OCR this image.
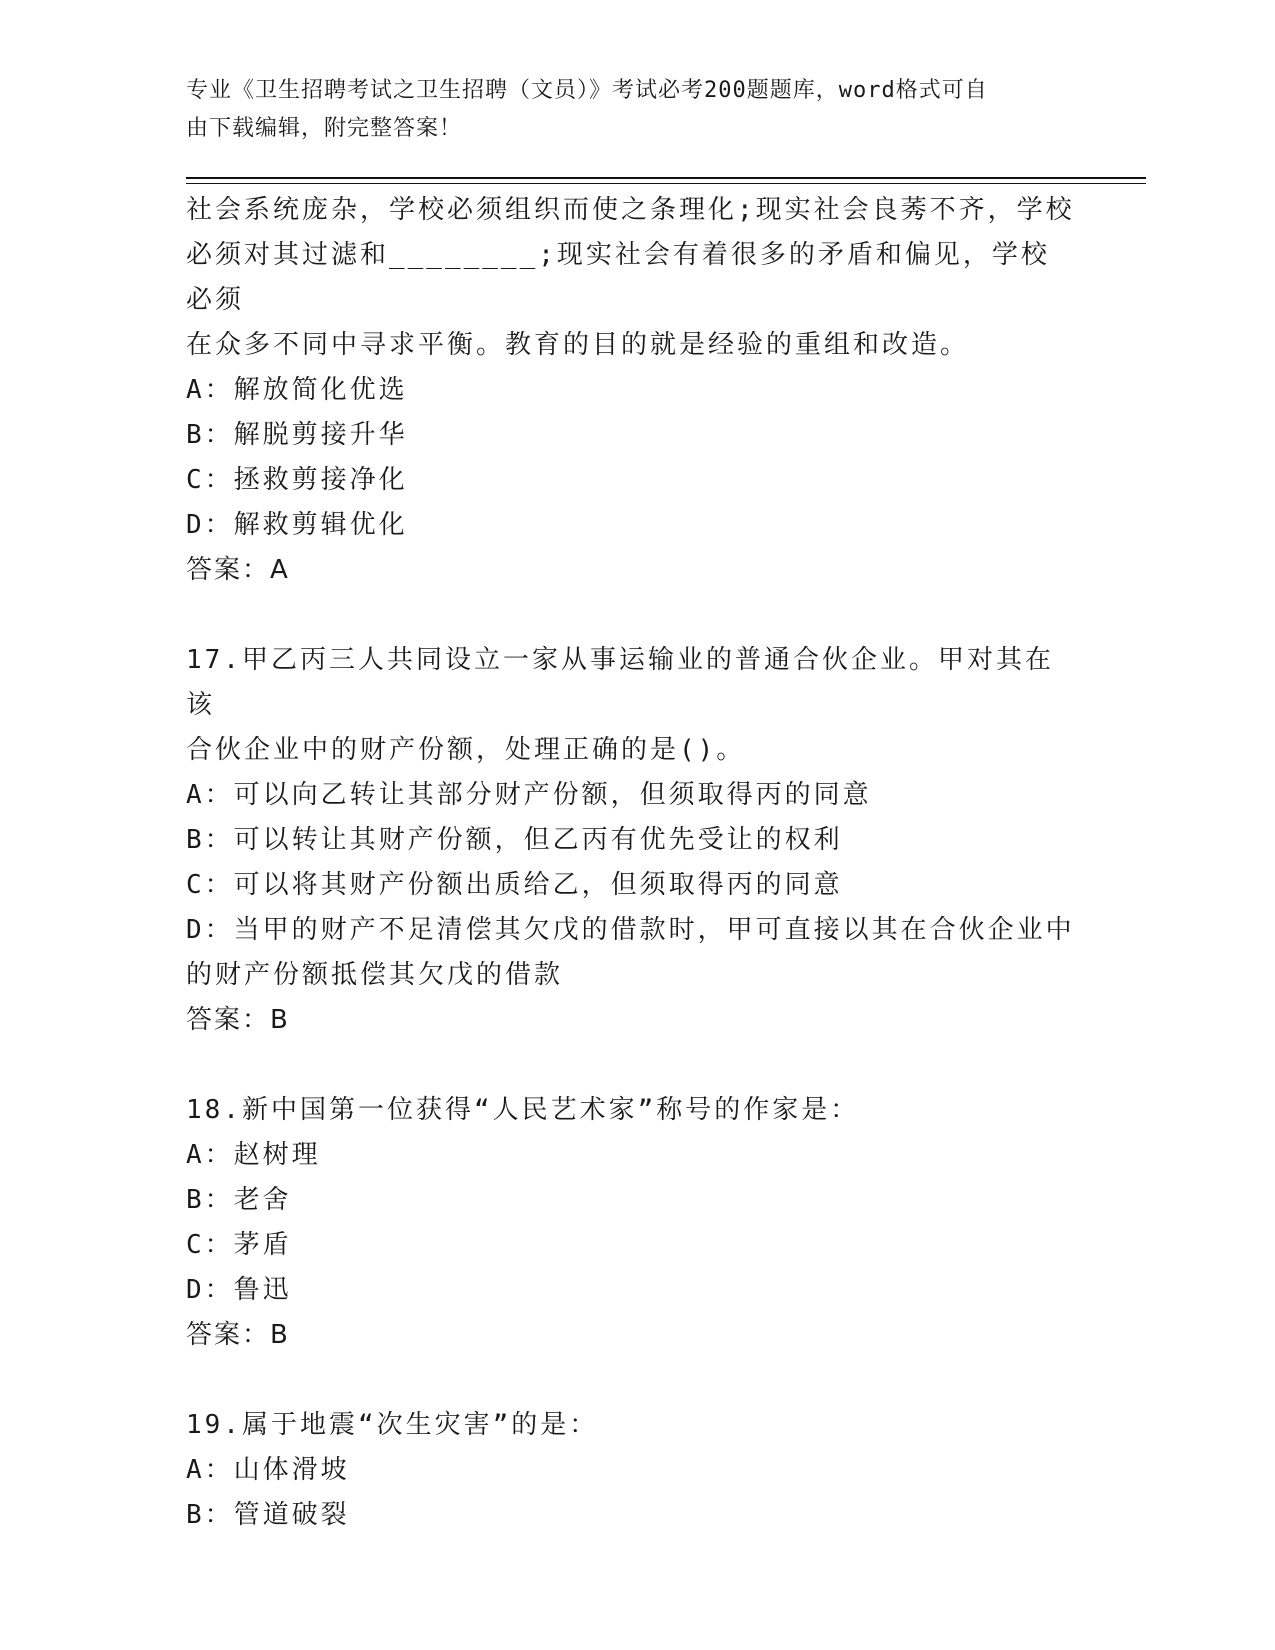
专业《卫生招聘考试之卫生招聘（文员）》考试必考200题题库，word格式可自
由下载编辑，附完整答案！

社会系统庞杂，学校必须组织而使之条理化;现实社会良莠不齐，学校

必须对其过滤和________;现实社会有着很多的矛盾和偏见，学校必须

在众多不同中寻求平衡。教育的目的就是经验的重组和改造。

A：解放简化优选

B：解脱剪接升华

C：拯救剪接净化

D：解救剪辑优化

答案：A

17.甲乙丙三人共同设立一家从事运输业的普通合伙企业。甲对其在该

合伙企业中的财产份额，处理正确的是()。

A：可以向乙转让其部分财产份额，但须取得丙的同意

B：可以转让其财产份额，但乙丙有优先受让的权利

C：可以将其财产份额出质给乙，但须取得丙的同意

D：当甲的财产不足清偿其欠戊的借款时，甲可直接以其在合伙企业中

的财产份额抵偿其欠戊的借款

答案：B

18.新中国第一位获得“人民艺术家”称号的作家是：

A：赵树理

B：老舍

C：茅盾

D：鲁迅

答案：B

19.属于地震“次生灾害”的是：

A：山体滑坡

B：管道破裂
